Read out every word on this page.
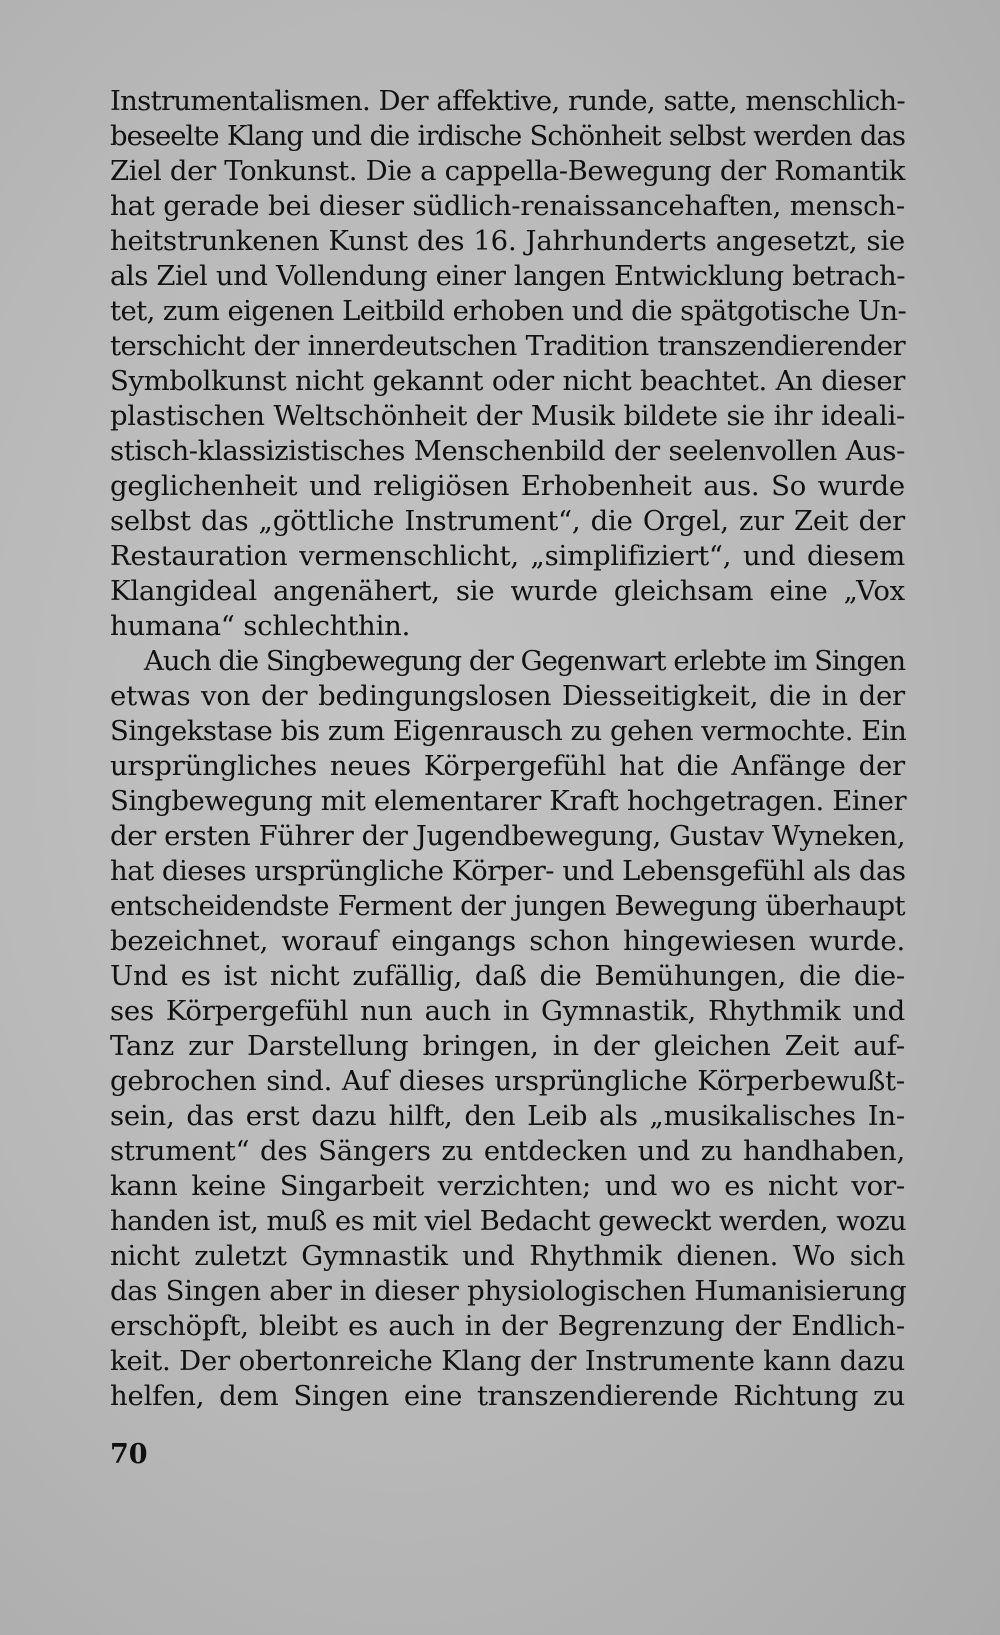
Instrumentalismen. Der affektive, runde, satte, menschlich-
beseelte Klang und die irdische Schönheit selbst werden das
Ziel der Tonkunst. Die a cappella-Bewegung der Romantik
hat gerade bei dieser südlich-renaissancehaften, mensch-
heitstrunkenen Kunst des 16. Jahrhunderts angesetzt, sie
als Ziel und Vollendung einer langen Entwicklung betrach-
tet, zum eigenen Leitbild erhoben und die spätgotische Un-
terschicht der innerdeutschen Tradition transzendierender
Symbolkunst nicht gekannt oder nicht beachtet. An dieser
plastischen Weltschönheit der Musik bildete sie ihr ideali-
stisch-klassizistisches Menschenbild der seelenvollen Aus-
geglichenheit und religiösen Erhobenheit aus. So wurde
selbst das „göttliche Instrument“, die Orgel, zur Zeit der
Restauration vermenschlicht, „simplifiziert“, und diesem
Klangideal angenähert, sie wurde gleichsam eine „Vox
humana“ schlechthin.
Auch die Singbewegung der Gegenwart erlebte im Singen
etwas von der bedingungslosen Diesseitigkeit, die in der
Singekstase bis zum Eigenrausch zu gehen vermochte. Ein
ursprüngliches neues Körpergefühl hat die Anfänge der
Singbewegung mit elementarer Kraft hochgetragen. Einer
der ersten Führer der Jugendbewegung, Gustav Wyneken,
hat dieses ursprüngliche Körper- und Lebensgefühl als das
entscheidendste Ferment der jungen Bewegung überhaupt
bezeichnet, worauf eingangs schon hingewiesen wurde.
Und es ist nicht zufällig, daß die Bemühungen, die die-
ses Körpergefühl nun auch in Gymnastik, Rhythmik und
Tanz zur Darstellung bringen, in der gleichen Zeit auf-
gebrochen sind. Auf dieses ursprüngliche Körperbewußt-
sein, das erst dazu hilft, den Leib als „musikalisches In-
strument“ des Sängers zu entdecken und zu handhaben,
kann keine Singarbeit verzichten; und wo es nicht vor-
handen ist, muß es mit viel Bedacht geweckt werden, wozu
nicht zuletzt Gymnastik und Rhythmik dienen. Wo sich
das Singen aber in dieser physiologischen Humanisierung
erschöpft, bleibt es auch in der Begrenzung der Endlich-
keit. Der obertonreiche Klang der Instrumente kann dazu
helfen, dem Singen eine transzendierende Richtung zu
70
